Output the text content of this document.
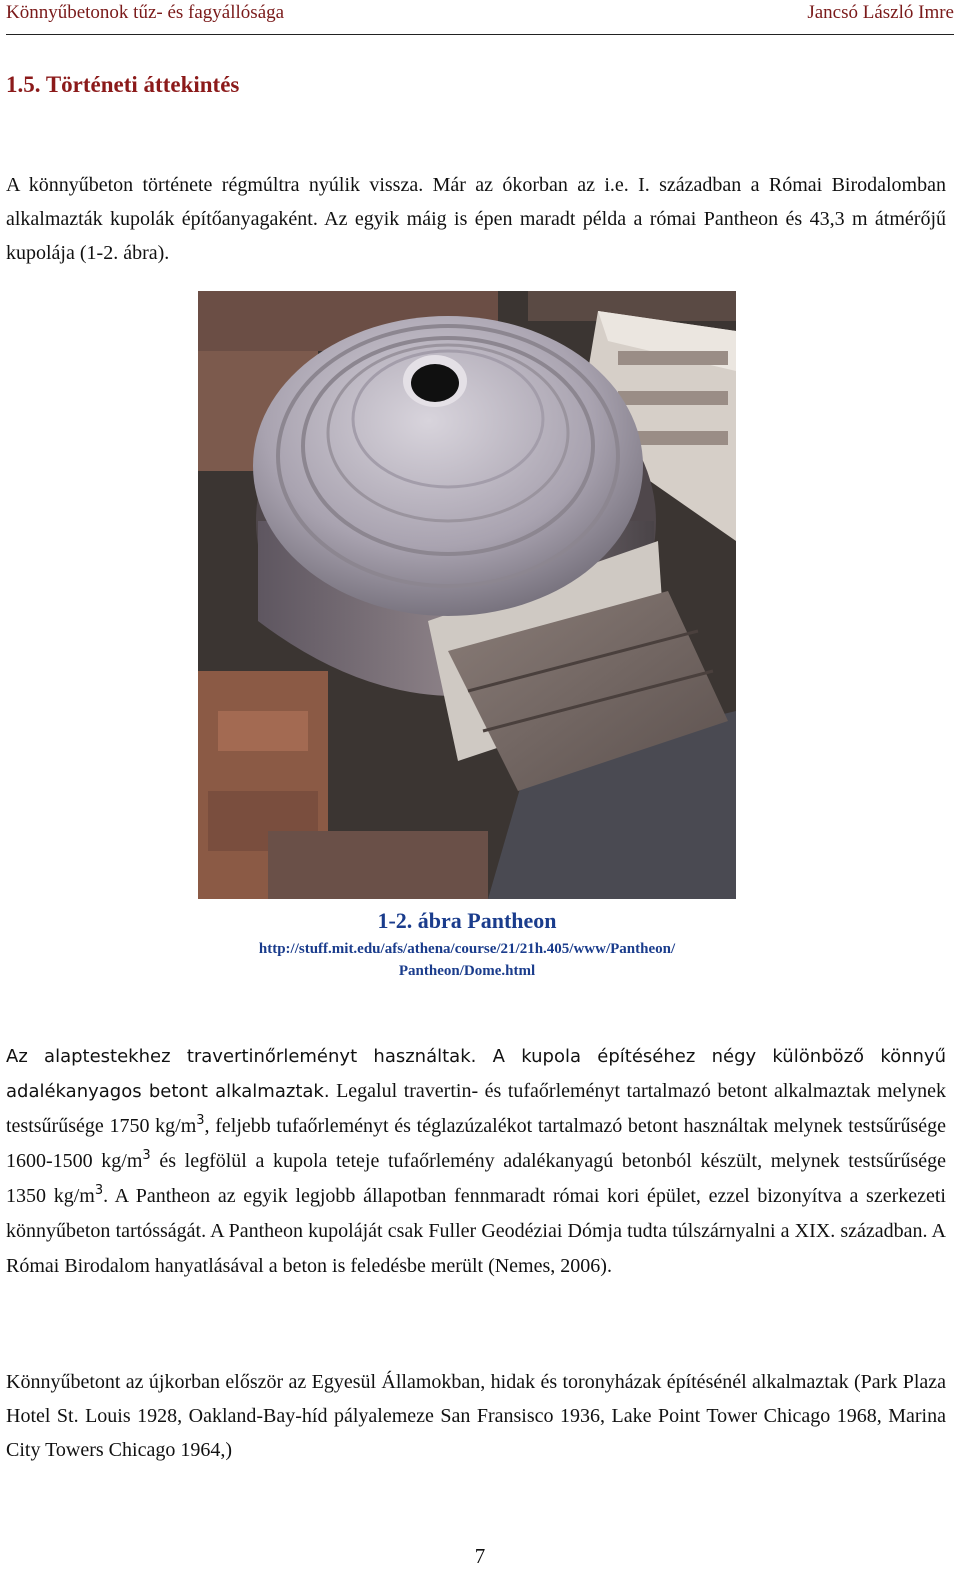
Könnyűbetonok tűz- és fagyállósága	Jancsó László Imre
1.5. Történeti áttekintés

A könnyűbeton története régmúltra nyúlik vissza. Már az ókorban az i.e. I. században a Római Birodalomban alkalmazták kupolák építőanyagaként. Az egyik máig is épen maradt példa a római Pantheon és 43,3 m átmérőjű kupolája (1-2. ábra).

1-2. ábra Pantheon
http://stuff.mit.edu/afs/athena/course/21/21h.405/www/Pantheon/
Pantheon/Dome.html

Az alaptestekhez travertinőrleményt használtak. A kupola építéséhez négy különböző könnyű adalékanyagos betont alkalmaztak. Legalul travertin- és tufaőrleményt tartalmazó betont alkalmaztak melynek testsűrűsége 1750 $kg/m^3$, feljebb tufaőrleményt és téglazúzalékot tartalmazó betont használtak melynek testsűrűsége 1600-1500 $kg/m^3$ és legfölül a kupola teteje tufaőrlemény adalékanyagú betonból készült, melynek testsűrűsége 1350 $kg/m^3$. A Pantheon az egyik legjobb állapotban fennmaradt római kori épület, ezzel bizonyítva a szerkezeti könnyűbeton tartósságát. A Pantheon kupoláját csak Fuller Geodéziai Dómja tudta túlszárnyalni a XIX. században. A Római Birodalom hanyatlásával a beton is feledésbe merült (Nemes, 2006).

Könnyűbetont az újkorban először az Egyesül Államokban, hidak és toronyházak építésénél alkalmaztak (Park Plaza Hotel St. Louis 1928, Oakland-Bay-híd pályalemeze San Fransisco 1936, Lake Point Tower Chicago 1968, Marina City Towers Chicago 1964,)

7
